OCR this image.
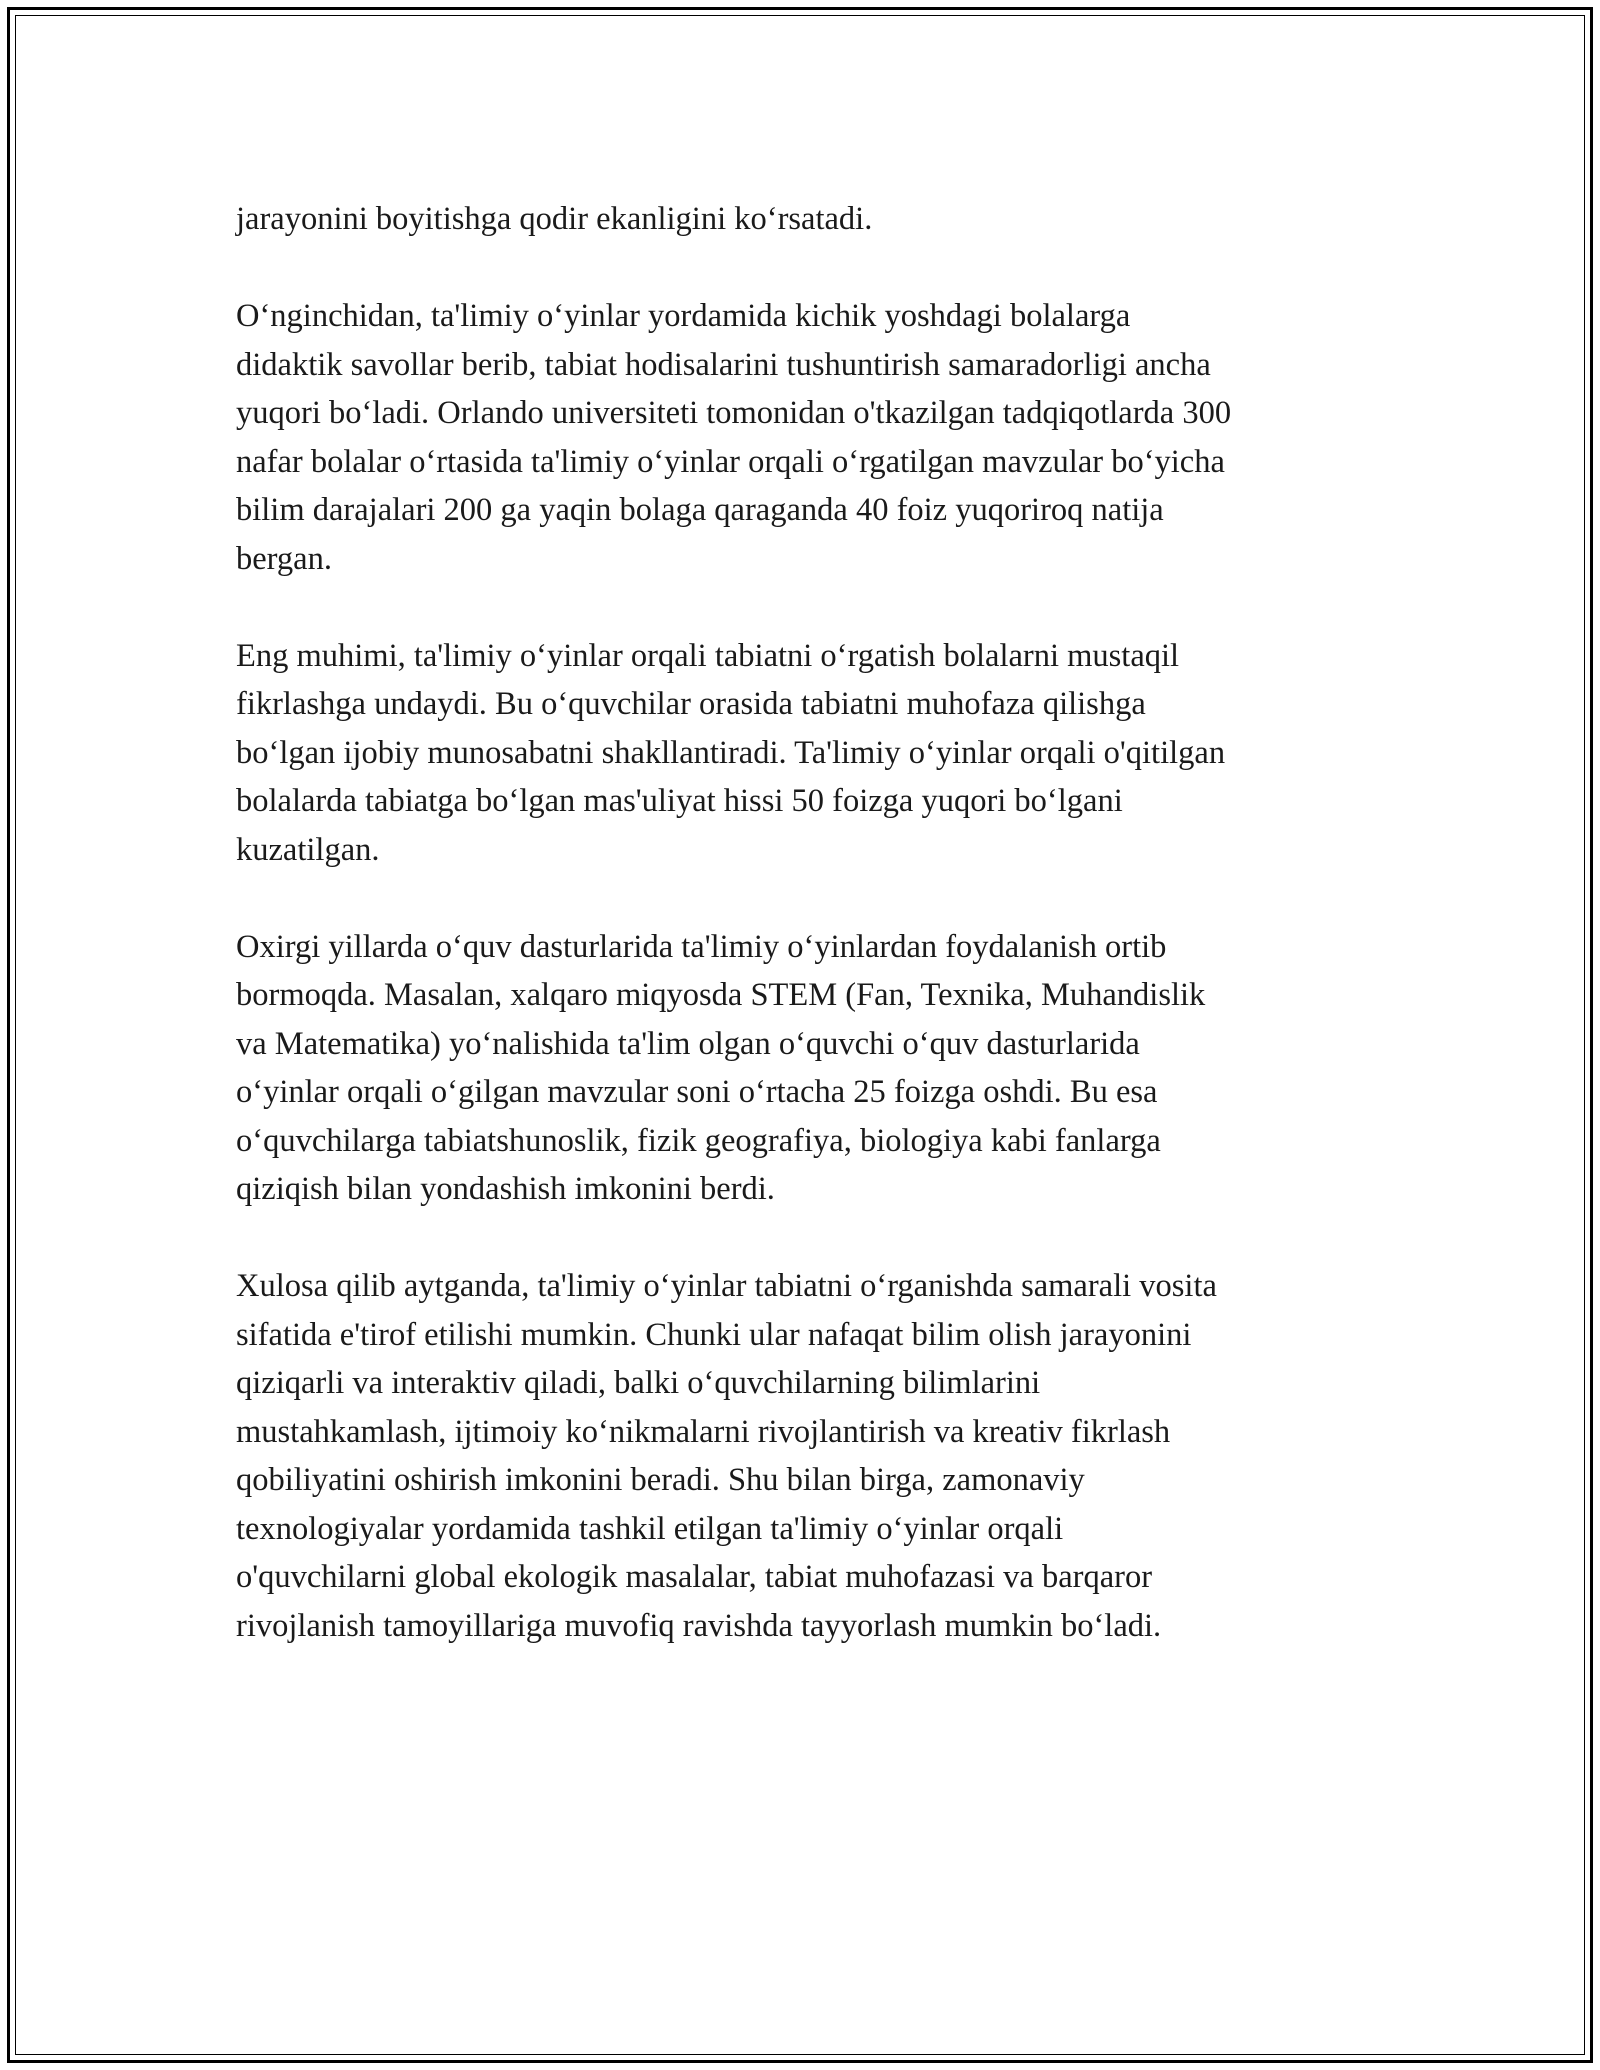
jarayonini boyitishga qodir ekanligini koʻrsatadi.

Oʻnginchidan, ta'limiy oʻyinlar yordamida kichik yoshdagi bolalarga
didaktik savollar berib, tabiat hodisalarini tushuntirish samaradorligi ancha
yuqori boʻladi. Orlando universiteti tomonidan o'tkazilgan tadqiqotlarda 300
nafar bolalar oʻrtasida ta'limiy oʻyinlar orqali oʻrgatilgan mavzular boʻyicha
bilim darajalari 200 ga yaqin bolaga qaraganda 40 foiz yuqoriroq natija
bergan.

Eng muhimi, ta'limiy oʻyinlar orqali tabiatni oʻrgatish bolalarni mustaqil
fikrlashga undaydi. Bu oʻquvchilar orasida tabiatni muhofaza qilishga
boʻlgan ijobiy munosabatni shakllantiradi. Ta'limiy oʻyinlar orqali o'qitilgan
bolalarda tabiatga boʻlgan mas'uliyat hissi 50 foizga yuqori boʻlgani
kuzatilgan.

Oxirgi yillarda oʻquv dasturlarida ta'limiy oʻyinlardan foydalanish ortib
bormoqda. Masalan, xalqaro miqyosda STEM (Fan, Texnika, Muhandislik
va Matematika) yoʻnalishida ta'lim olgan oʻquvchi oʻquv dasturlarida
oʻyinlar orqali oʻgilgan mavzular soni oʻrtacha 25 foizga oshdi. Bu esa
oʻquvchilarga tabiatshunoslik, fizik geografiya, biologiya kabi fanlarga
qiziqish bilan yondashish imkonini berdi.

Xulosa qilib aytganda, ta'limiy oʻyinlar tabiatni oʻrganishda samarali vosita
sifatida e'tirof etilishi mumkin. Chunki ular nafaqat bilim olish jarayonini
qiziqarli va interaktiv qiladi, balki oʻquvchilarning bilimlarini
mustahkamlash, ijtimoiy koʻnikmalarni rivojlantirish va kreativ fikrlash
qobiliyatini oshirish imkonini beradi. Shu bilan birga, zamonaviy
texnologiyalar yordamida tashkil etilgan ta'limiy oʻyinlar orqali
o'quvchilarni global ekologik masalalar, tabiat muhofazasi va barqaror
rivojlanish tamoyillariga muvofiq ravishda tayyorlash mumkin boʻladi.
